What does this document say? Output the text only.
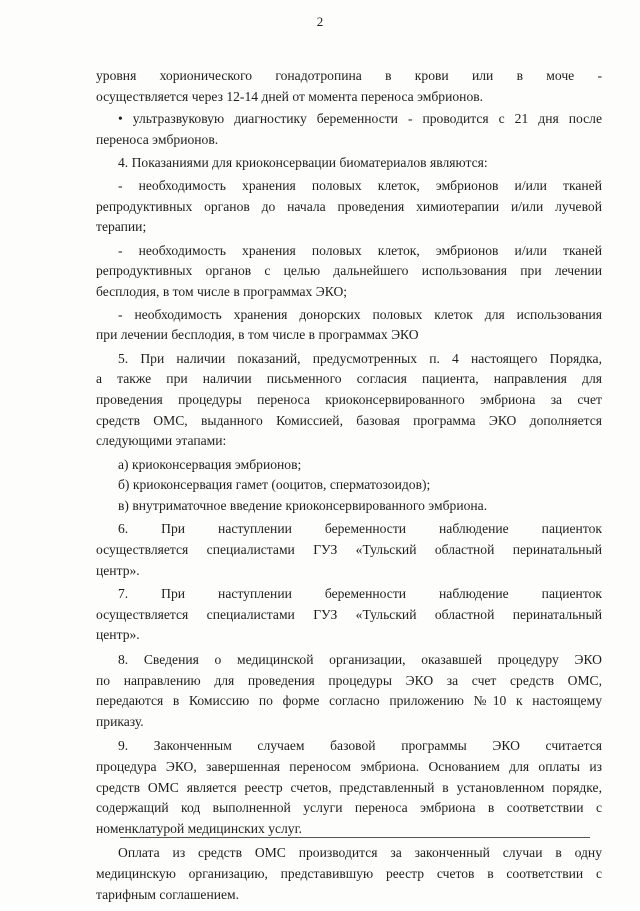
2
уровня хорионического гонадотропина в крови или в моче -
осуществляется через 12-14 дней от момента переноса эмбрионов.
• ультразвуковую диагностику беременности - проводится с 21 дня после
переноса эмбрионов.
4. Показаниями для криоконсервации биоматериалов являются:
- необходимость хранения половых клеток, эмбрионов и/или тканей
репродуктивных органов до начала проведения химиотерапии и/или лучевой
терапии;
- необходимость хранения половых клеток, эмбрионов и/или тканей
репродуктивных органов с целью дальнейшего использования при лечении
бесплодия, в том числе в программах ЭКО;
- необходимость хранения донорских половых клеток для использования
при лечении бесплодия, в том числе в программах ЭКО
5. При наличии показаний, предусмотренных п. 4 настоящего Порядка,
а также при наличии письменного согласия пациента, направления для
проведения процедуры переноса криоконсервированного эмбриона за счет
средств ОМС, выданного Комиссией, базовая программа ЭКО дополняется
следующими этапами:
а) криоконсервация эмбрионов;
б) криоконсервация гамет (ооцитов, сперматозоидов);
в) внутриматочное введение криоконсервированного эмбриона.
6. При наступлении беременности наблюдение пациенток
осуществляется специалистами ГУЗ «Тульский областной перинатальный
центр».
7. При наступлении беременности наблюдение пациенток
осуществляется специалистами ГУЗ «Тульский областной перинатальный
центр».
8. Сведения о медицинской организации, оказавшей процедуру ЭКО
по направлению для проведения процедуры ЭКО за счет средств ОМС,
передаются в Комиссию по форме согласно приложению №10 к настоящему
приказу.
9. Законченным случаем базовой программы ЭКО считается
процедура ЭКО, завершенная переносом эмбриона. Основанием для оплаты из
средств ОМС является реестр счетов, представленный в установленном порядке,
содержащий код выполненной услуги переноса эмбриона в соответствии с
номенклатурой медицинских услуг.
Оплата из средств ОМС производится за законченный случаи в одну
медицинскую организацию, представившую реестр счетов в соответствии с
тарифным соглашением.
